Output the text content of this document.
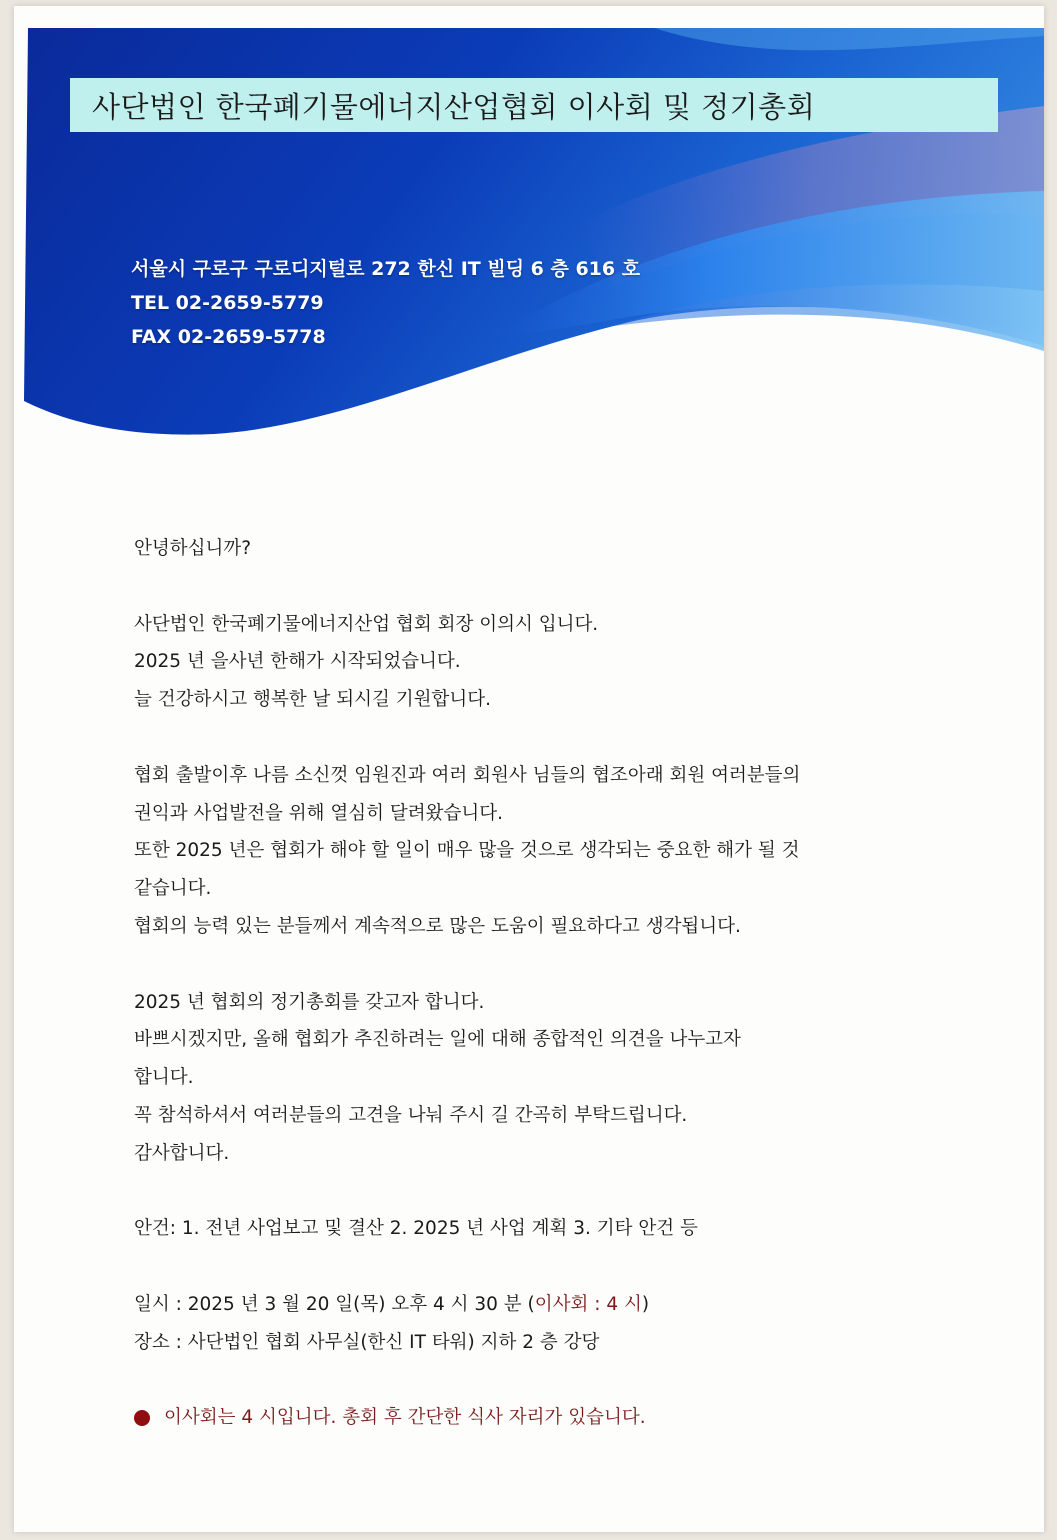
사단법인 한국폐기물에너지산업협회 이사회 및 정기총회
서울시 구로구 구로디지털로 272 한신 IT 빌딩 6 층 616 호
TEL 02-2659-5779
FAX 02-2659-5778
안녕하십니까?
사단법인 한국폐기물에너지산업 협회 회장 이의시 입니다.
2025 년 을사년 한해가 시작되었습니다.
늘 건강하시고 행복한 날 되시길 기원합니다.
협회 출발이후 나름 소신껏 임원진과 여러 회원사 님들의 협조아래 회원 여러분들의
권익과 사업발전을 위해 열심히 달려왔습니다.
또한 2025 년은 협회가 해야 할 일이 매우 많을 것으로 생각되는 중요한 해가 될 것
같습니다.
협회의 능력 있는 분들께서 계속적으로 많은 도움이 필요하다고 생각됩니다.
2025 년 협회의 정기총회를 갖고자 합니다.
바쁘시겠지만, 올해 협회가 추진하려는 일에 대해 종합적인 의견을 나누고자
합니다.
꼭 참석하셔서 여러분들의 고견을 나눠 주시 길 간곡히 부탁드립니다.
감사합니다.
안건: 1. 전년 사업보고 및 결산 2. 2025 년 사업 계획 3. 기타 안건 등
일시 : 2025 년 3 월 20 일(목) 오후 4 시 30 분 (이사회 : 4 시)
장소 : 사단법인 협회 사무실(한신 IT 타워) 지하 2 층 강당
이사회는 4 시입니다. 총회 후 간단한 식사 자리가 있습니다.
